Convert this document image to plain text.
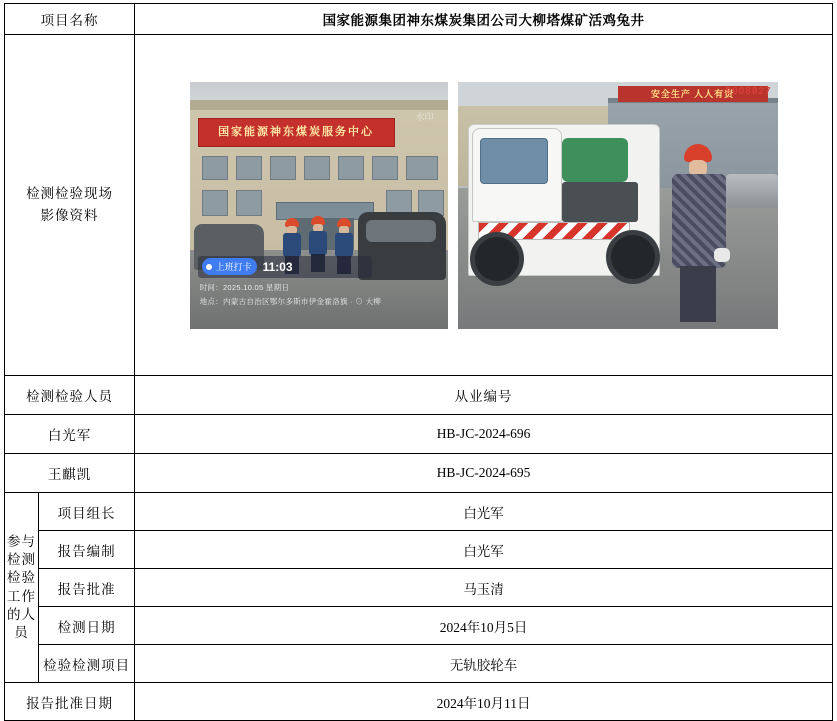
项目名称		国家能源集团神东煤炭集团公司大柳塔煤矿活鸡兔井

检测检验现场
影像资料

国家能源神东煤炭服务中心
水印
上班打卡 11:03
时间：2025.10.05 星期日
地点：内蒙古自治区鄂尔多斯市伊金霍洛旗 · ⊙ 大柳
安全生产 人人有责
9008827

检测检验人员		从业编号
白光军		HB-JC-2024-696
王麒凯		HB-JC-2024-695
参与检测检验工作的人员	项目组长	白光军
	报告编制	白光军
	报告批准	马玉清
	检测日期	2024年10月5日
	检验检测项目	无轨胶轮车
报告批准日期		2024年10月11日
